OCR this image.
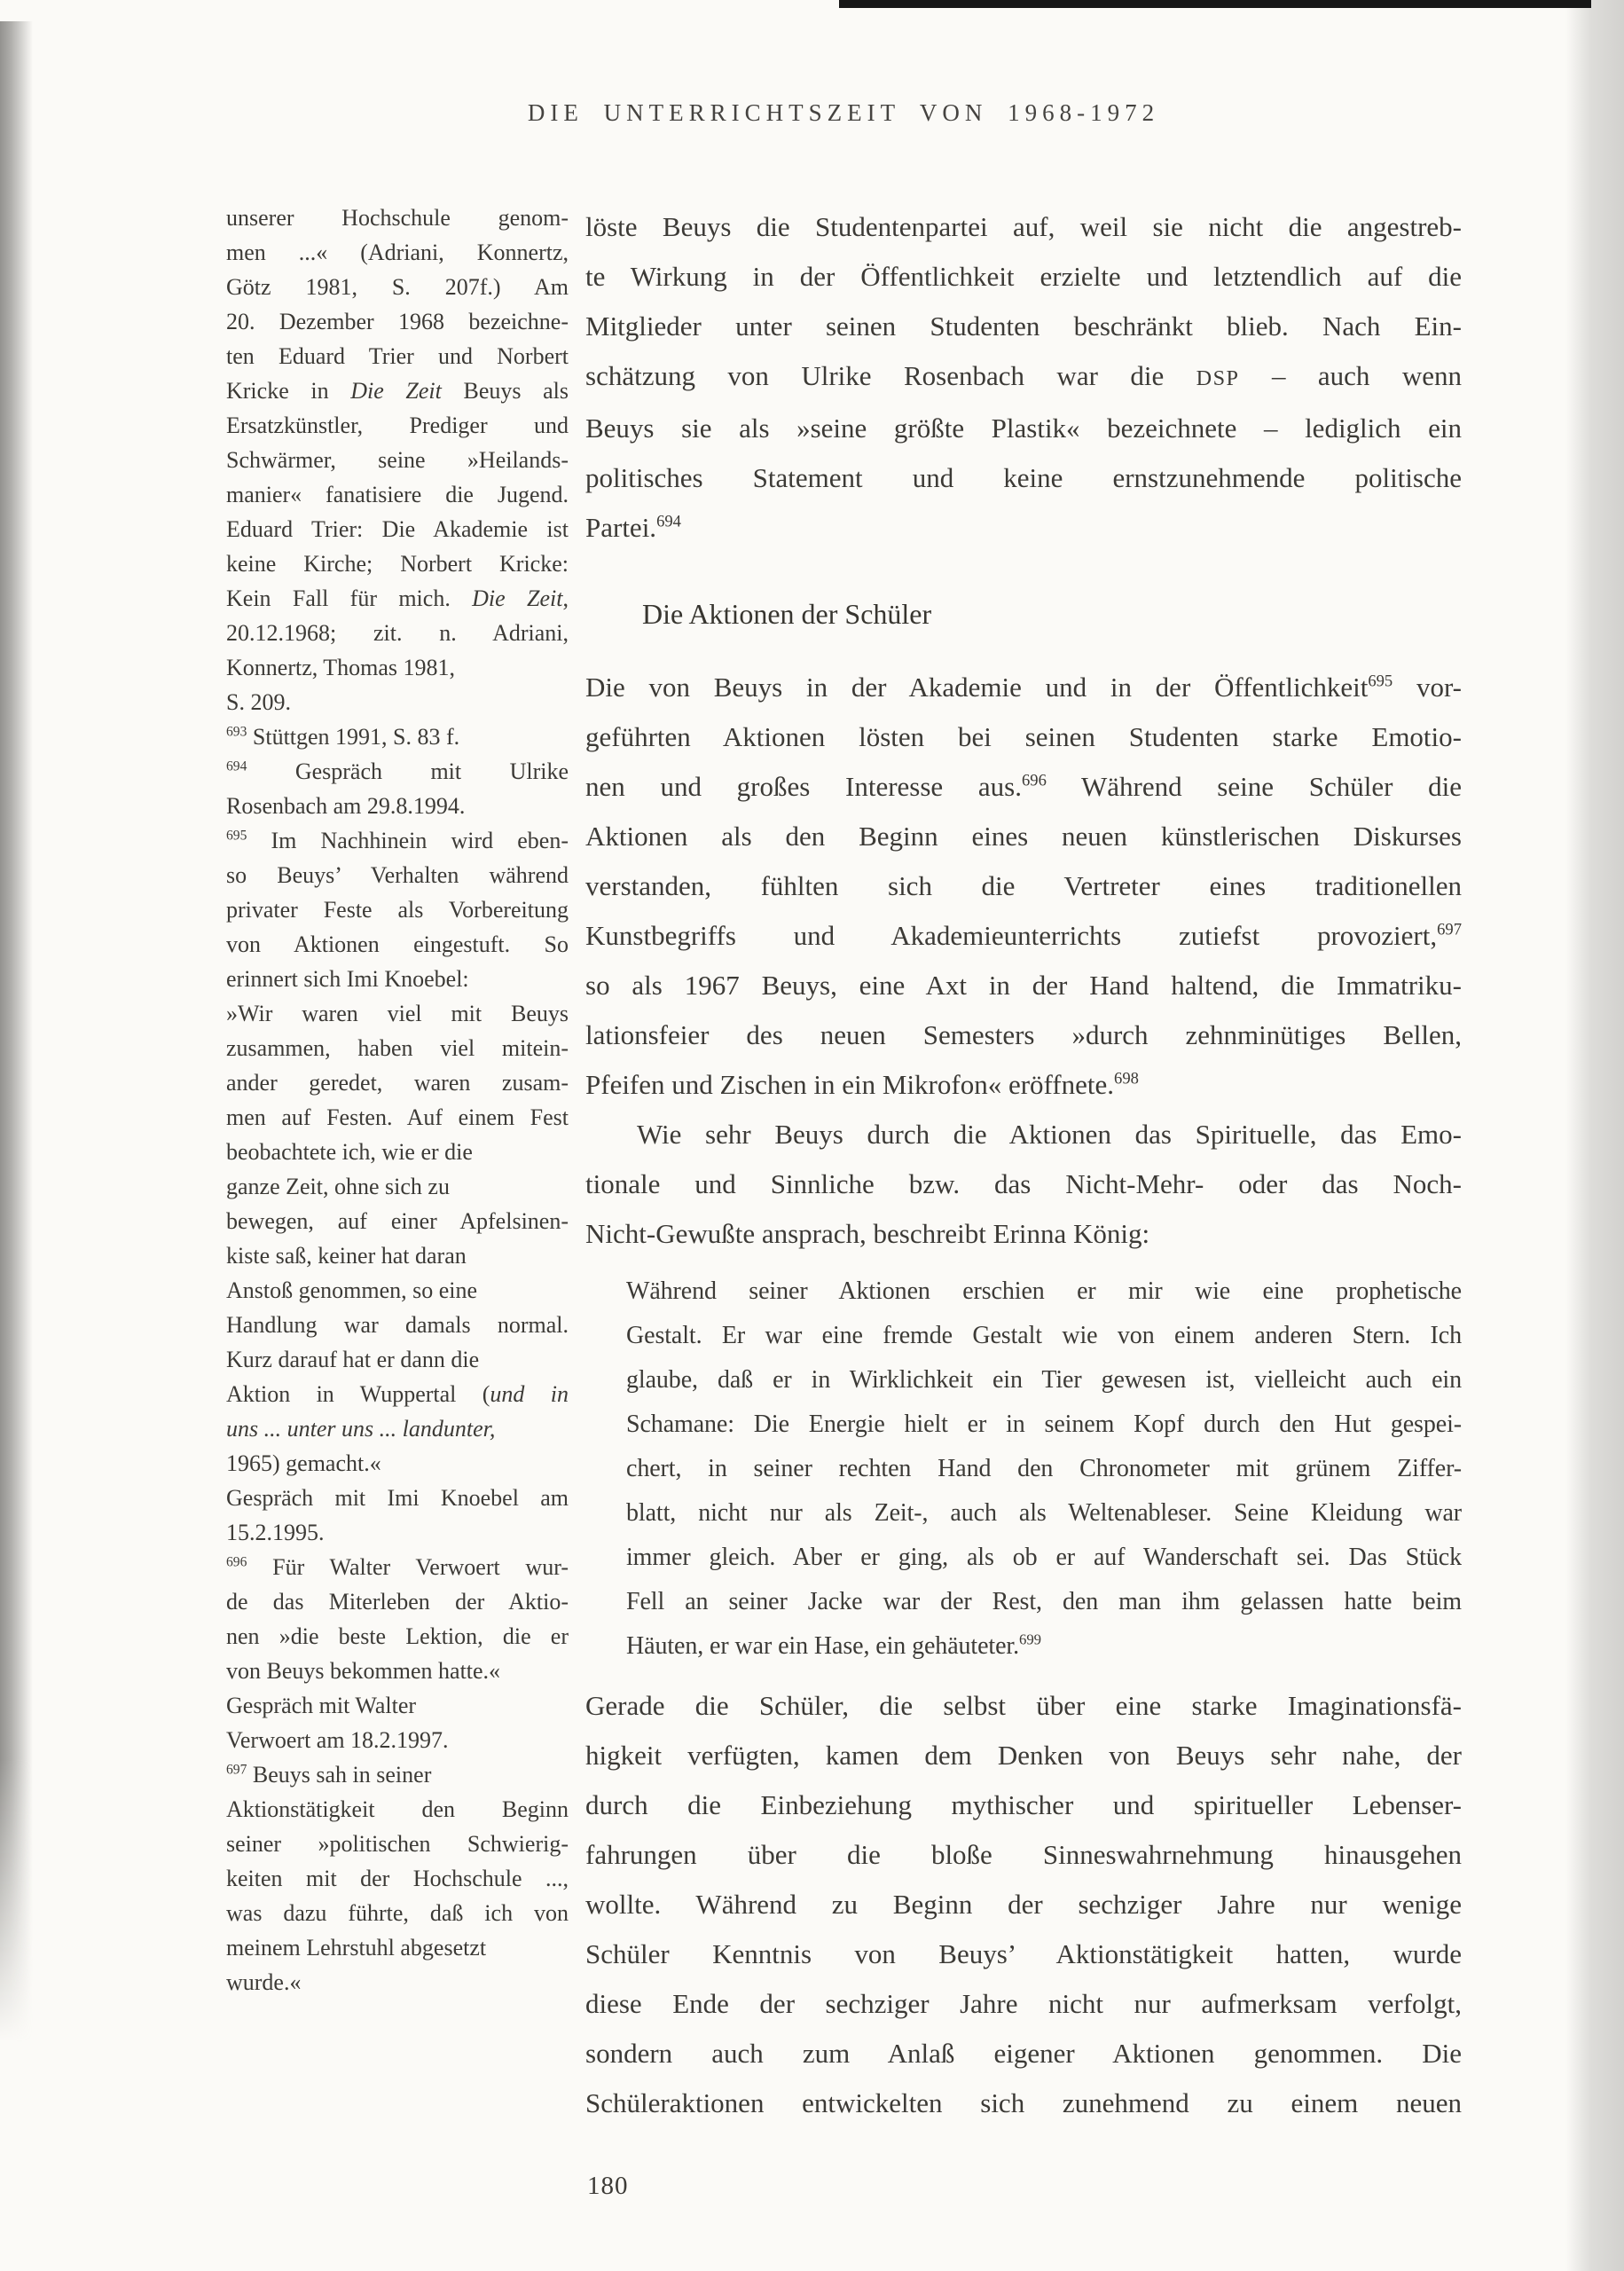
DIE UNTERRICHTSZEIT VON 1968-1972
unserer Hochschule genom-
men ...« (Adriani, Konnertz,
Götz 1981, S. 207f.) Am
20. Dezember 1968 bezeichne-
ten Eduard Trier und Norbert
Kricke in Die Zeit Beuys als
Ersatzkünstler, Prediger und
Schwärmer, seine »Heilands-
manier« fanatisiere die Jugend.
Eduard Trier: Die Akademie ist
keine Kirche; Norbert Kricke:
Kein Fall für mich. Die Zeit,
20.12.1968; zit. n. Adriani,
Konnertz, Thomas 1981,
S. 209.
$^{693}$ Stüttgen 1991, S. 83 f.
$^{694}$ Gespräch mit Ulrike
Rosenbach am 29.8.1994.
$^{695}$ Im Nachhinein wird eben-
so Beuys’ Verhalten während
privater Feste als Vorbereitung
von Aktionen eingestuft. So
erinnert sich Imi Knoebel:
»Wir waren viel mit Beuys
zusammen, haben viel mitein-
ander geredet, waren zusam-
men auf Festen. Auf einem Fest
beobachtete ich, wie er die
ganze Zeit, ohne sich zu
bewegen, auf einer Apfelsinen-
kiste saß, keiner hat daran
Anstoß genommen, so eine
Handlung war damals normal.
Kurz darauf hat er dann die
Aktion in Wuppertal (und in
uns ... unter uns ... landunter,
1965) gemacht.«
Gespräch mit Imi Knoebel am
15.2.1995.
$^{696}$ Für Walter Verwoert wur-
de das Miterleben der Aktio-
nen »die beste Lektion, die er
von Beuys bekommen hatte.«
Gespräch mit Walter
Verwoert am 18.2.1997.
$^{697}$ Beuys sah in seiner
Aktionstätigkeit den Beginn
seiner »politischen Schwierig-
keiten mit der Hochschule ...,
was dazu führte, daß ich von
meinem Lehrstuhl abgesetzt
wurde.«
löste Beuys die Studentenpartei auf, weil sie nicht die angestreb-
te Wirkung in der Öffentlichkeit erzielte und letztendlich auf die
Mitglieder unter seinen Studenten beschränkt blieb. Nach Ein-
schätzung von Ulrike Rosenbach war die DSP – auch wenn
Beuys sie als »seine größte Plastik« bezeichnete – lediglich ein
politisches Statement und keine ernstzunehmende politische
Partei.$^{694}$
Die Aktionen der Schüler
Die von Beuys in der Akademie und in der Öffentlichkeit$^{695}$ vor-
geführten Aktionen lösten bei seinen Studenten starke Emotio-
nen und großes Interesse aus.$^{696}$ Während seine Schüler die
Aktionen als den Beginn eines neuen künstlerischen Diskurses
verstanden, fühlten sich die Vertreter eines traditionellen
Kunstbegriffs und Akademieunterrichts zutiefst provoziert,$^{697}$
so als 1967 Beuys, eine Axt in der Hand haltend, die Immatriku-
lationsfeier des neuen Semesters »durch zehnminütiges Bellen,
Pfeifen und Zischen in ein Mikrofon« eröffnete.$^{698}$
Wie sehr Beuys durch die Aktionen das Spirituelle, das Emo-
tionale und Sinnliche bzw. das Nicht-Mehr- oder das Noch-
Nicht-Gewußte ansprach, beschreibt Erinna König:
Während seiner Aktionen erschien er mir wie eine prophetische
Gestalt. Er war eine fremde Gestalt wie von einem anderen Stern. Ich
glaube, daß er in Wirklichkeit ein Tier gewesen ist, vielleicht auch ein
Schamane: Die Energie hielt er in seinem Kopf durch den Hut gespei-
chert, in seiner rechten Hand den Chronometer mit grünem Ziffer-
blatt, nicht nur als Zeit-, auch als Weltenableser. Seine Kleidung war
immer gleich. Aber er ging, als ob er auf Wanderschaft sei. Das Stück
Fell an seiner Jacke war der Rest, den man ihm gelassen hatte beim
Häuten, er war ein Hase, ein gehäuteter.$^{699}$
Gerade die Schüler, die selbst über eine starke Imaginationsfä-
higkeit verfügten, kamen dem Denken von Beuys sehr nahe, der
durch die Einbeziehung mythischer und spiritueller Lebenser-
fahrungen über die bloße Sinneswahrnehmung hinausgehen
wollte. Während zu Beginn der sechziger Jahre nur wenige
Schüler Kenntnis von Beuys’ Aktionstätigkeit hatten, wurde
diese Ende der sechziger Jahre nicht nur aufmerksam verfolgt,
sondern auch zum Anlaß eigener Aktionen genommen. Die
Schüleraktionen entwickelten sich zunehmend zu einem neuen
180
